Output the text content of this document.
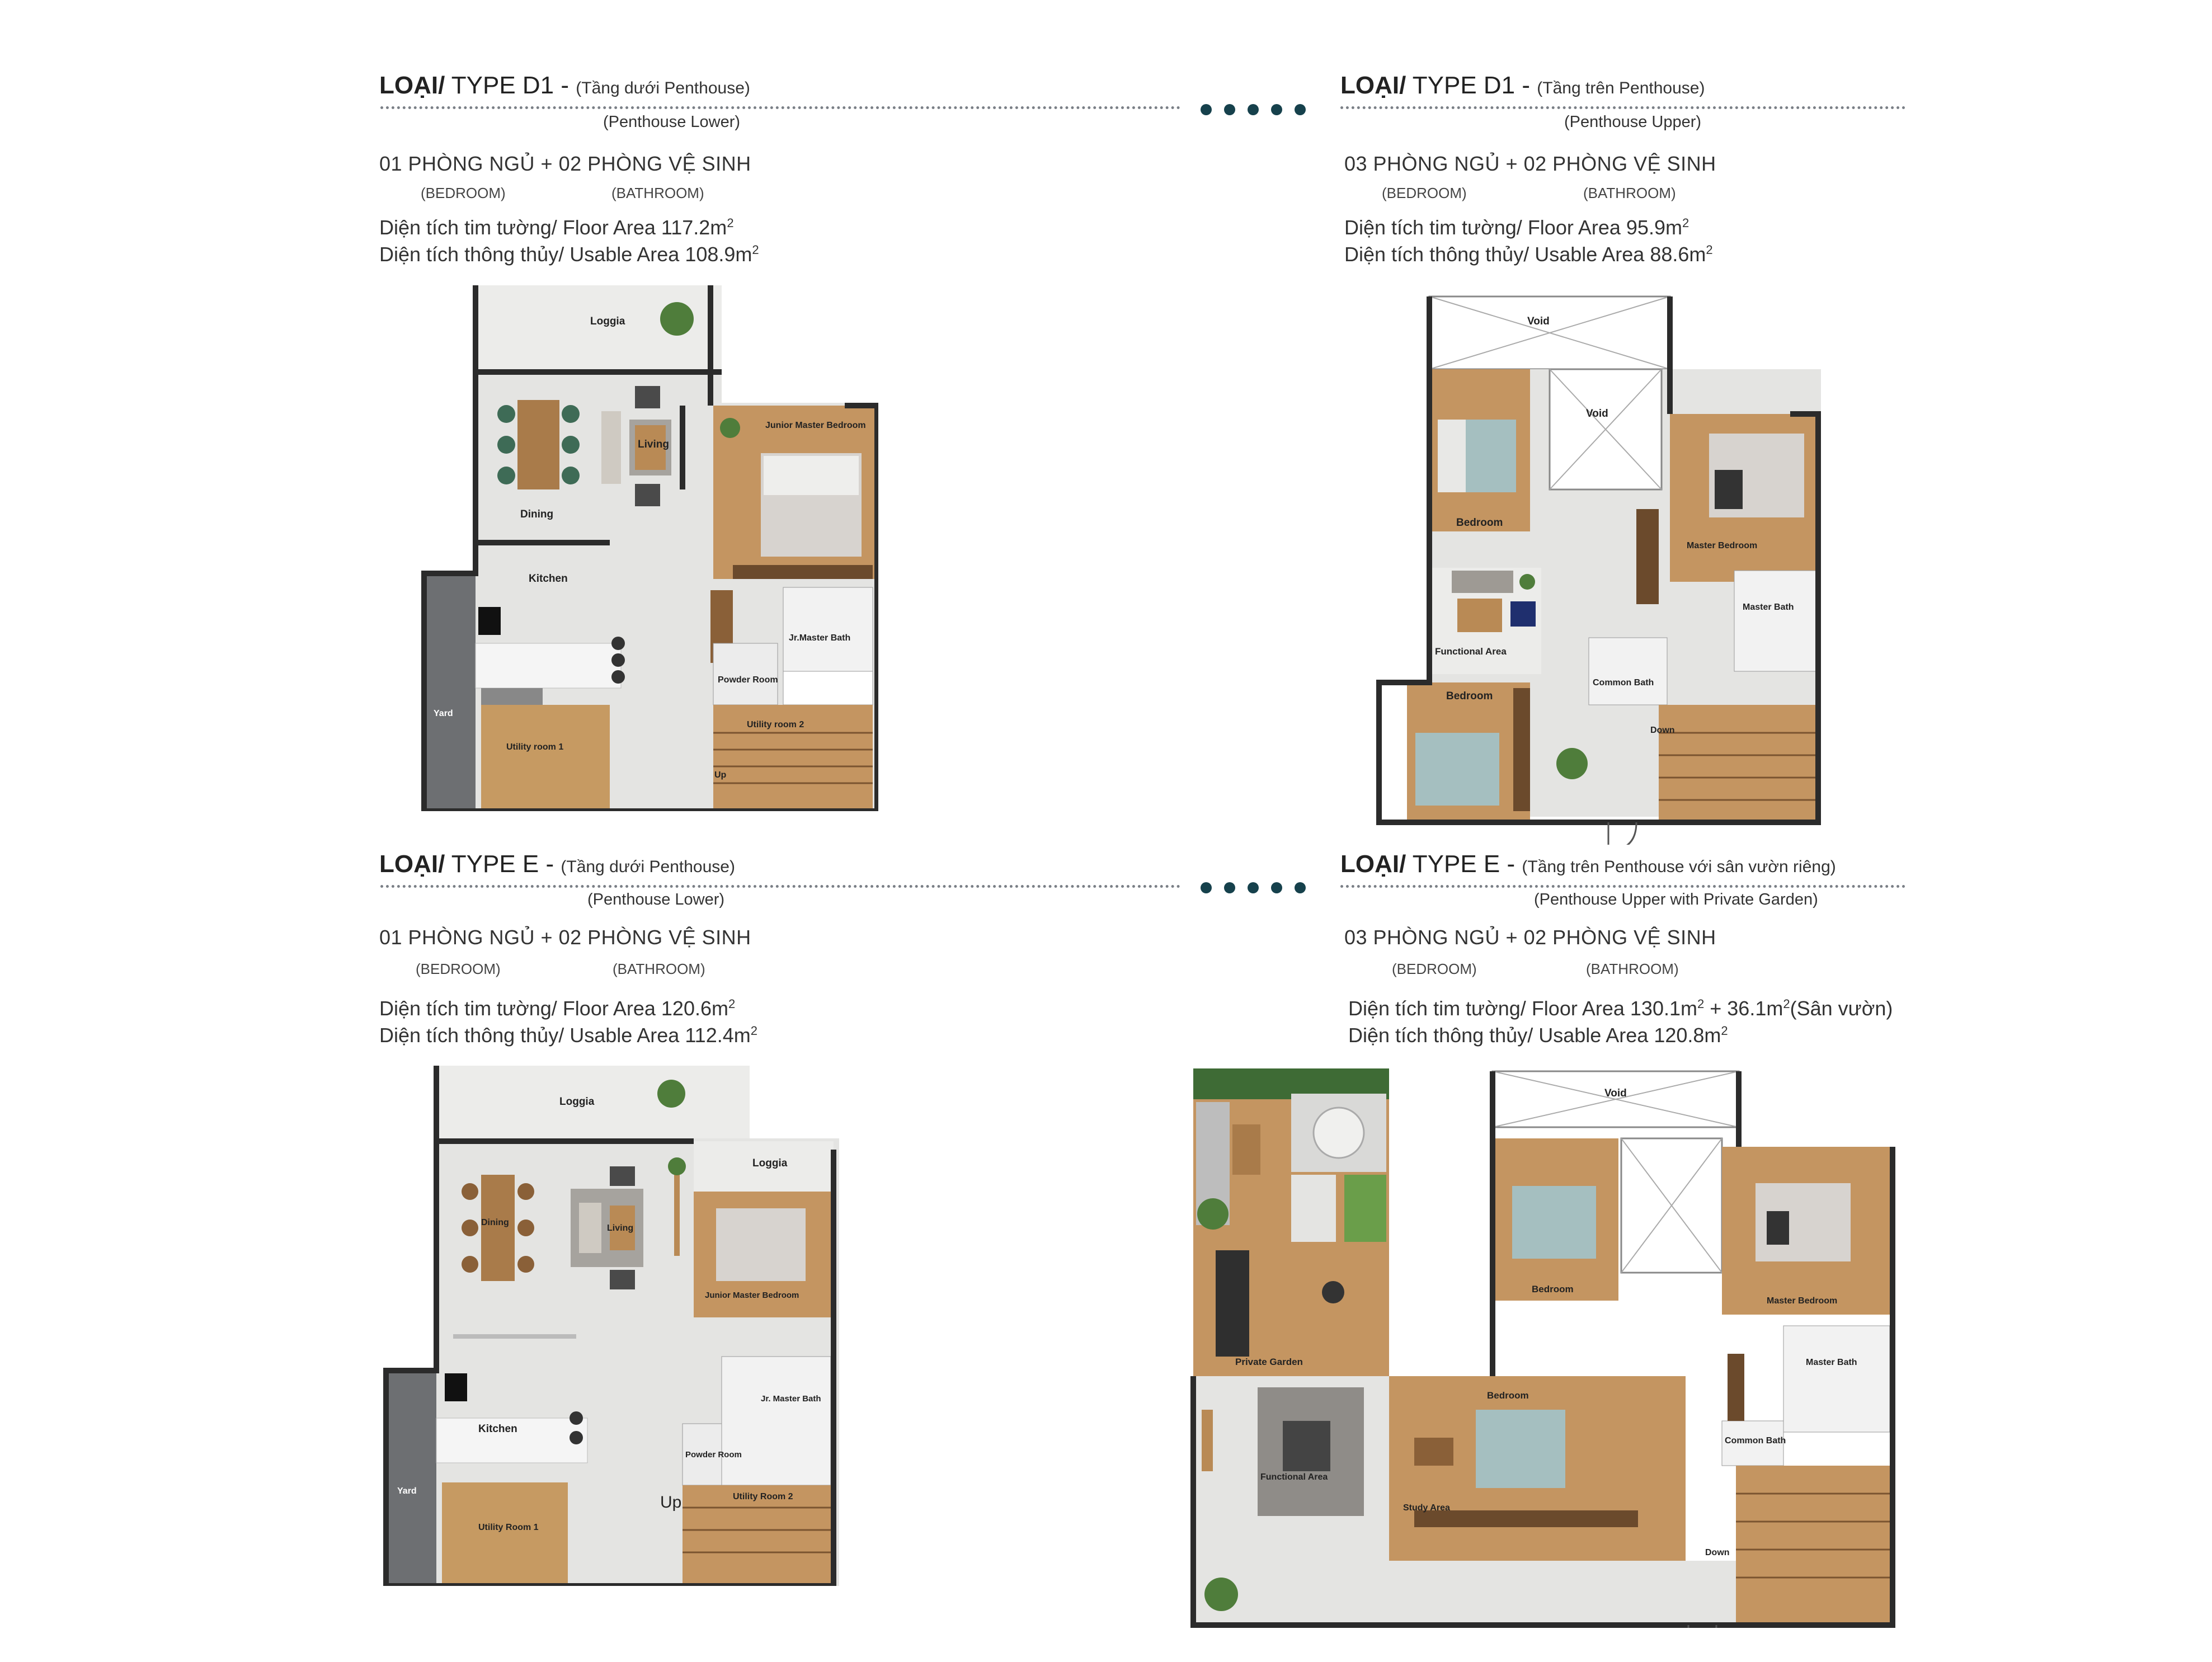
LOẠI/ TYPE D1 - (Tầng dưới Penthouse)
(Penthouse Lower)
01 PHÒNG NGỦ + 02 PHÒNG VỆ SINH
(BEDROOM)	(BATHROOM)
Diện tích tim tường/ Floor Area $117.2m^2$
Diện tích thông thủy/ Usable Area $108.9m^2$
Loggia
Living
Dining
Kitchen
Junior Master Bedroom
Jr.Master Bath
Powder Room
Utility room 1
Utility room 2
Yard
Up
LOẠI/ TYPE D1 - (Tầng trên Penthouse)
(Penthouse Upper)
03 PHÒNG NGỦ + 02 PHÒNG VỆ SINH
(BEDROOM)	(BATHROOM)
Diện tích tim tường/ Floor Area $95.9m^2$
Diện tích thông thủy/ Usable Area $88.6m^2$
Void
Void
Bedroom
Master Bedroom
Master Bath
Functional Area
Common Bath
Bedroom
Down
LOẠI/ TYPE E - (Tầng dưới Penthouse)
(Penthouse Lower)
01 PHÒNG NGỦ + 02 PHÒNG VỆ SINH
(BEDROOM)	(BATHROOM)
Diện tích tim tường/ Floor Area $120.6m^2$
Diện tích thông thủy/ Usable Area $112.4m^2$
Loggia
Loggia
Living
Dining
Kitchen
Junior Master Bedroom
Jr. Master Bath
Powder Room
Utility Room 1
Utility Room 2
Yard
Up
LOẠI/ TYPE E - (Tầng trên Penthouse với sân vườn riêng)
(Penthouse Upper with Private Garden)
03 PHÒNG NGỦ + 02 PHÒNG VỆ SINH
(BEDROOM)	(BATHROOM)
Diện tích tim tường/ Floor Area $130.1m^2$ + $36.1m^2(Sân$ vườn)
Diện tích thông thủy/ Usable Area $120.8m^2$
Void
Bedroom
Master Bedroom
Master Bath
Common Bath
Private Garden
Functional Area
Bedroom
Study Area
Down
